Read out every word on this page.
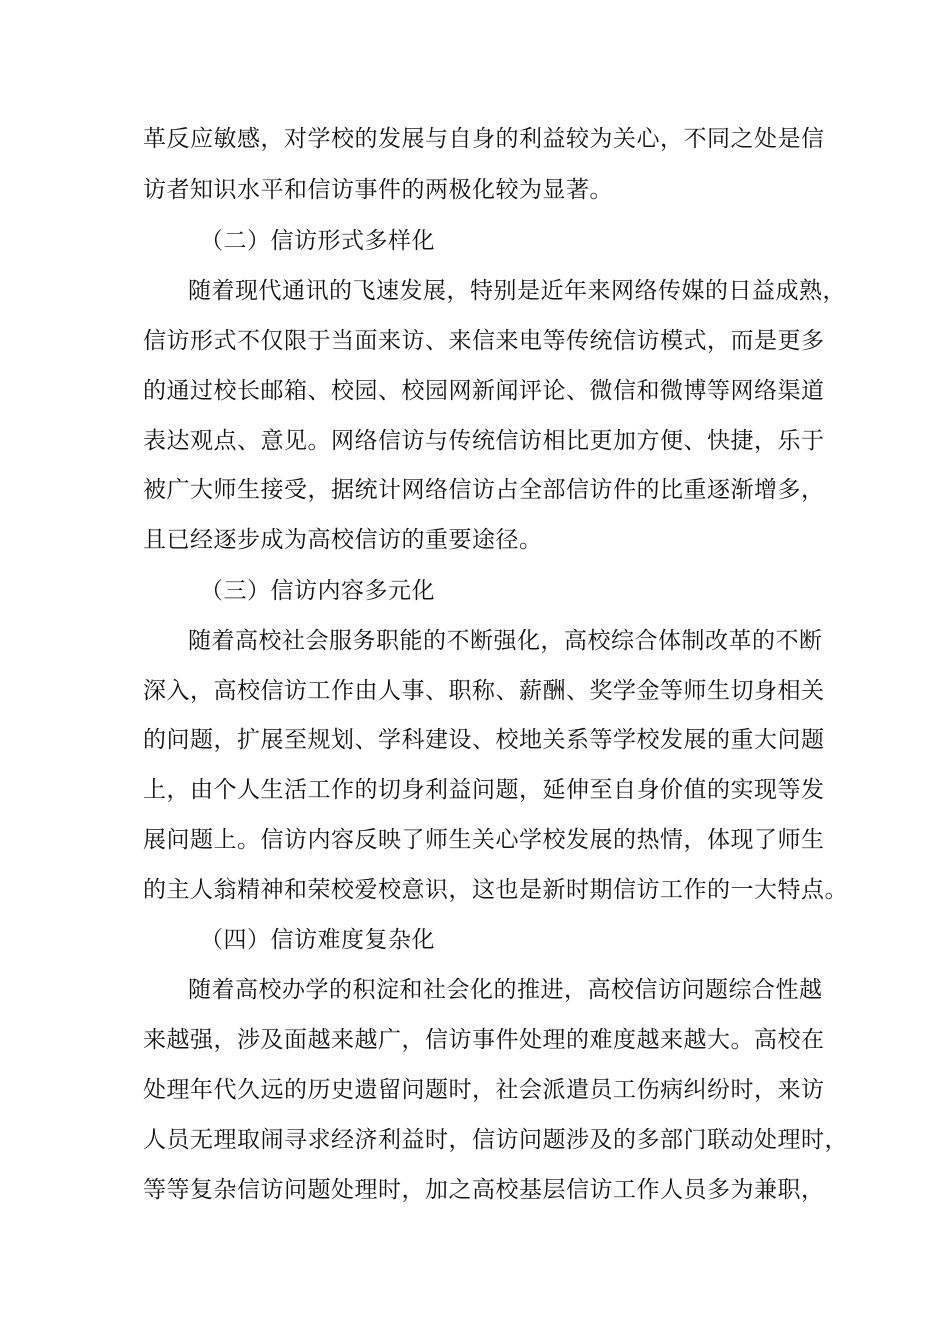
革反应敏感，对学校的发展与自身的利益较为关心，不同之处是信
访者知识水平和信访事件的两极化较为显著。
（二）信访形式多样化
随着现代通讯的飞速发展，特别是近年来网络传媒的日益成熟，
信访形式不仅限于当面来访、来信来电等传统信访模式，而是更多
的通过校长邮箱、校园、校园网新闻评论、微信和微博等网络渠道
表达观点、意见。网络信访与传统信访相比更加方便、快捷，乐于
被广大师生接受，据统计网络信访占全部信访件的比重逐渐增多，
且已经逐步成为高校信访的重要途径。
（三）信访内容多元化
随着高校社会服务职能的不断强化，高校综合体制改革的不断
深入，高校信访工作由人事、职称、薪酬、奖学金等师生切身相关
的问题，扩展至规划、学科建设、校地关系等学校发展的重大问题
上，由个人生活工作的切身利益问题，延伸至自身价值的实现等发
展问题上。信访内容反映了师生关心学校发展的热情，体现了师生
的主人翁精神和荣校爱校意识，这也是新时期信访工作的一大特点。
（四）信访难度复杂化
随着高校办学的积淀和社会化的推进，高校信访问题综合性越
来越强，涉及面越来越广，信访事件处理的难度越来越大。高校在
处理年代久远的历史遗留问题时，社会派遣员工伤病纠纷时，来访
人员无理取闹寻求经济利益时，信访问题涉及的多部门联动处理时，
等等复杂信访问题处理时，加之高校基层信访工作人员多为兼职，
